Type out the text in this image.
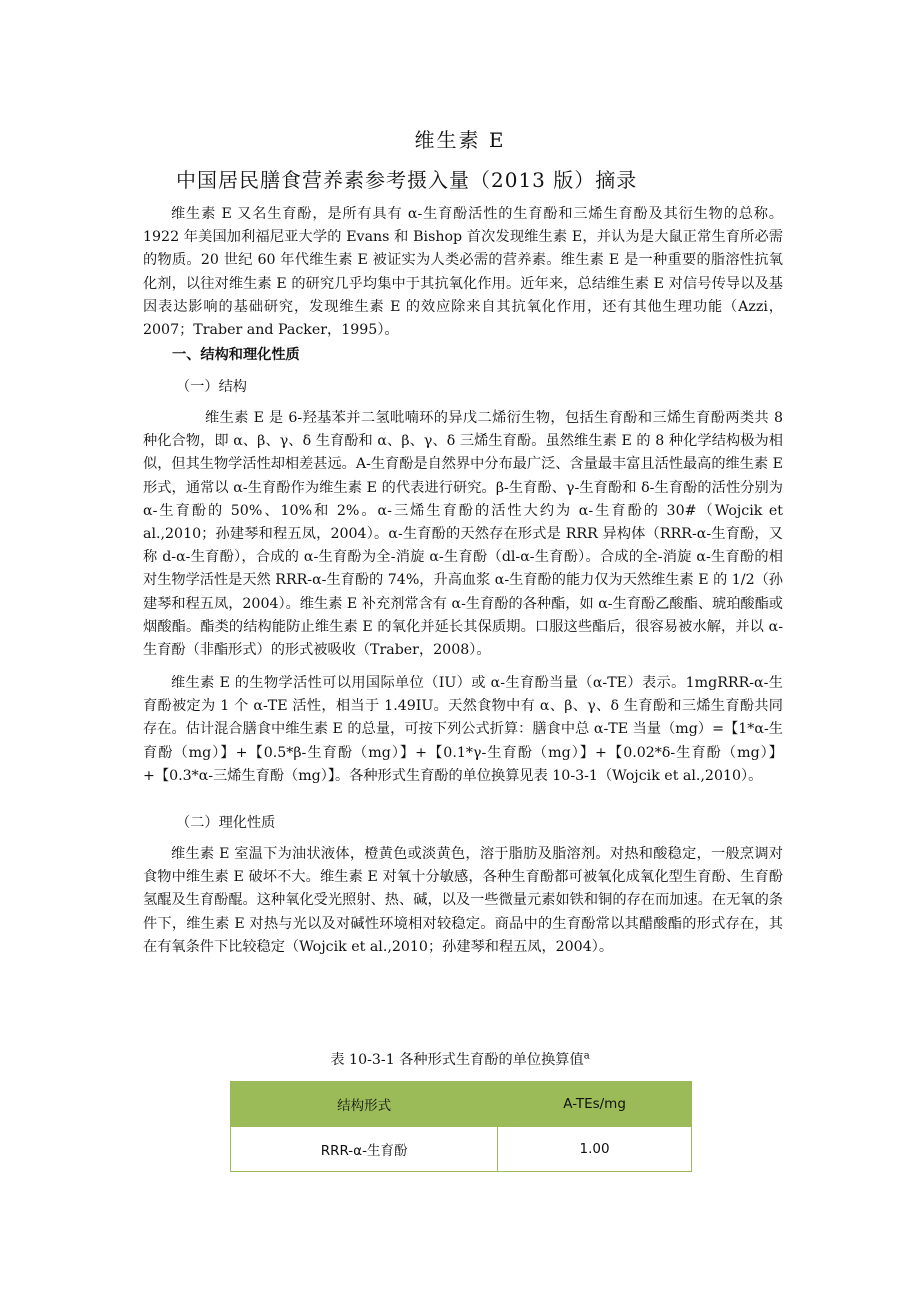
维生素 E
中国居民膳食营养素参考摄入量（2013 版）摘录

维生素 E 又名生育酚，是所有具有 α-生育酚活性的生育酚和三烯生育酚及其衍生物的总称。1922 年美国加利福尼亚大学的 Evans 和 Bishop 首次发现维生素 E，并认为是大鼠正常生育所必需的物质。20 世纪 60 年代维生素 E 被证实为人类必需的营养素。维生素 E 是一种重要的脂溶性抗氧化剂，以往对维生素 E 的研究几乎均集中于其抗氧化作用。近年来，总结维生素 E 对信号传导以及基因表达影响的基础研究，发现维生素 E 的效应除来自其抗氧化作用，还有其他生理功能（Azzi，2007；Traber and Packer，1995）。

一、结构和理化性质

（一）结构

维生素 E 是 6-羟基苯并二氢吡喃环的异戊二烯衍生物，包括生育酚和三烯生育酚两类共 8 种化合物，即 α、β、γ、δ 生育酚和 α、β、γ、δ 三烯生育酚。虽然维生素 E 的 8 种化学结构极为相似，但其生物学活性却相差甚远。A-生育酚是自然界中分布最广泛、含量最丰富且活性最高的维生素 E 形式，通常以 α-生育酚作为维生素 E 的代表进行研究。β-生育酚、γ-生育酚和 δ-生育酚的活性分别为 α-生育酚的 50%、10%和 2%。α-三烯生育酚的活性大约为 α-生育酚的 30#（Wojcik et al.,2010；孙建琴和程五凤，2004）。α-生育酚的天然存在形式是 RRR 异构体（RRR-α-生育酚，又称 d-α-生育酚），合成的 α-生育酚为全-消旋 α-生育酚（dl-α-生育酚）。合成的全-消旋 α-生育酚的相对生物学活性是天然 RRR-α-生育酚的 74%，升高血浆 α-生育酚的能力仅为天然维生素 E 的 1/2（孙建琴和程五凤，2004）。维生素 E 补充剂常含有 α-生育酚的各种酯，如 α-生育酚乙酸酯、琥珀酸酯或烟酸酯。酯类的结构能防止维生素 E 的氧化并延长其保质期。口服这些酯后，很容易被水解，并以 α-生育酚（非酯形式）的形式被吸收（Traber，2008）。

维生素 E 的生物学活性可以用国际单位（IU）或 α-生育酚当量（α-TE）表示。1mgRRR-α-生育酚被定为 1 个 α-TE 活性，相当于 1.49IU。天然食物中有 α、β、γ、δ 生育酚和三烯生育酚共同存在。估计混合膳食中维生素 E 的总量，可按下列公式折算：膳食中总 α-TE 当量（mg）=【1*α-生育酚（mg）】+【0.5*β-生育酚（mg）】+【0.1*γ-生育酚（mg）】+【0.02*δ-生育酚（mg）】+【0.3*α-三烯生育酚（mg）】。各种形式生育酚的单位换算见表 10-3-1（Wojcik et al.,2010）。

（二）理化性质

维生素 E 室温下为油状液体，橙黄色或淡黄色，溶于脂肪及脂溶剂。对热和酸稳定，一般烹调对食物中维生素 E 破坏不大。维生素 E 对氧十分敏感，各种生育酚都可被氧化成氧化型生育酚、生育酚氢醌及生育酚醌。这种氧化受光照射、热、碱，以及一些微量元素如铁和铜的存在而加速。在无氧的条件下，维生素 E 对热与光以及对碱性环境相对较稳定。商品中的生育酚常以其醋酸酯的形式存在，其在有氧条件下比较稳定（Wojcik et al.,2010；孙建琴和程五凤，2004）。

表 10-3-1 各种形式生育酚的单位换算值$^a$
结构形式	A-TEs/mg
RRR-α-生育酚	1.00
